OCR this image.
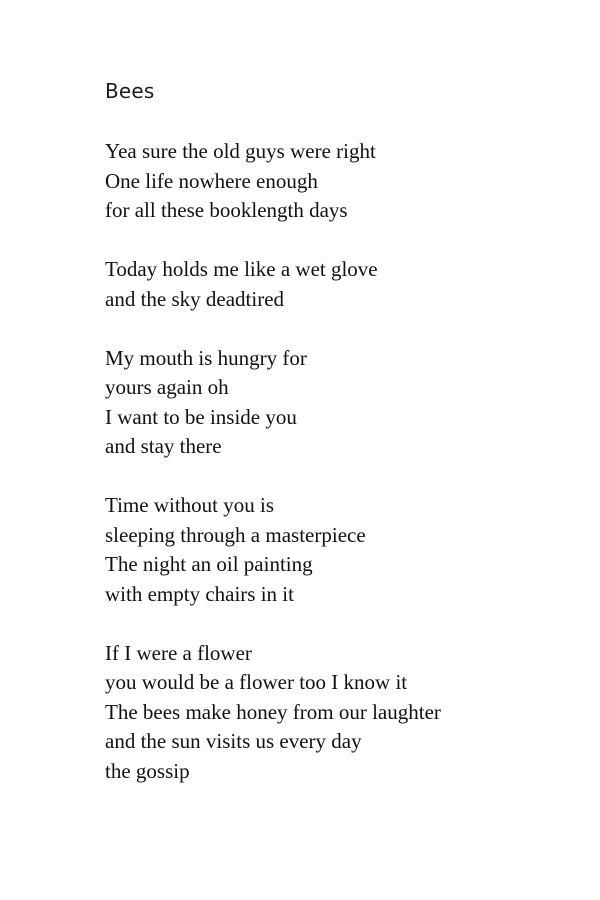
Bees
Yea sure the old guys were right
One life nowhere enough
for all these booklength days
Today holds me like a wet glove
and the sky deadtired
My mouth is hungry for
yours again oh
I want to be inside you
and stay there
Time without you is
sleeping through a masterpiece
The night an oil painting
with empty chairs in it
If I were a flower
you would be a flower too I know it
The bees make honey from our laughter
and the sun visits us every day
the gossip
